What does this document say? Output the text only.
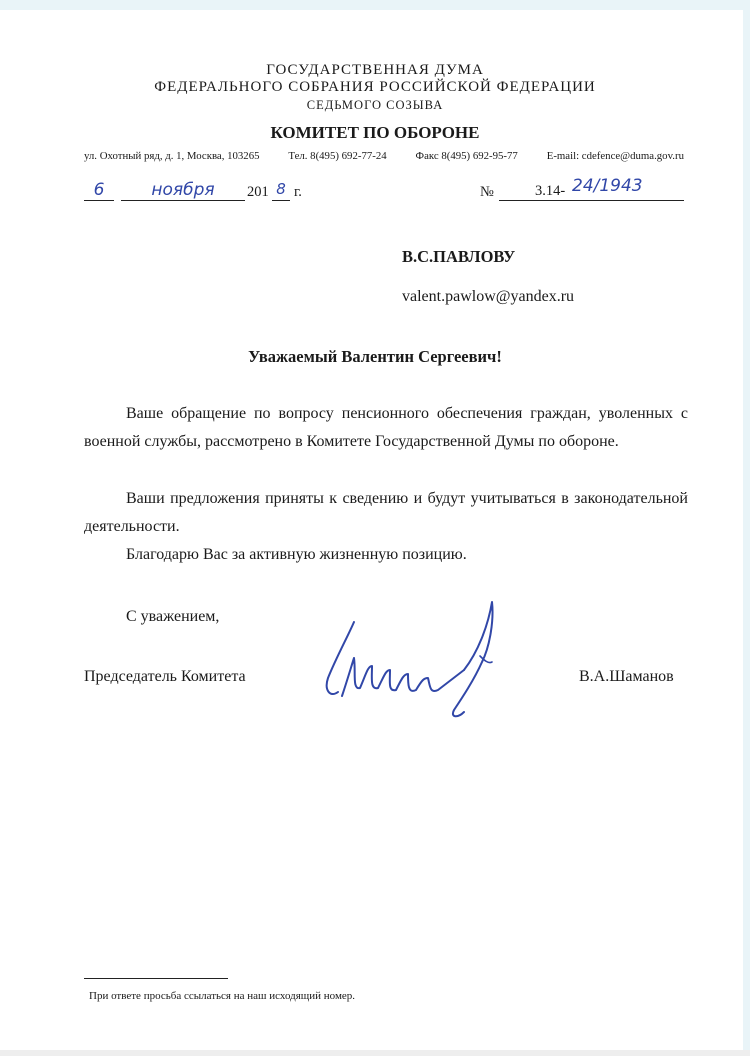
ГОСУДАРСТВЕННАЯ ДУМА
ФЕДЕРАЛЬНОГО СОБРАНИЯ РОССИЙСКОЙ ФЕДЕРАЦИИ
СЕДЬМОГО СОЗЫВА
КОМИТЕТ ПО ОБОРОНЕ
ул. Охотный ряд, д. 1, Москва, 103265	Тел. 8(495) 692-77-24	Факс 8(495) 692-95-77	E-mail: cdefence@duma.gov.ru
6	ноября	201 8 г.	№	3.14- 24/1943
В.С.ПАВЛОВУ
valent.pawlow@yandex.ru
Уважаемый Валентин Сергеевич!
Ваше обращение по вопросу пенсионного обеспечения граждан, уволенных с военной службы, рассмотрено в Комитете Государственной Думы по обороне.
Ваши предложения приняты к сведению и будут учитываться в законодательной деятельности.
Благодарю Вас за активную жизненную позицию.
С уважением,
Председатель Комитета	В.А.Шаманов
При ответе просьба ссылаться на наш исходящий номер.
